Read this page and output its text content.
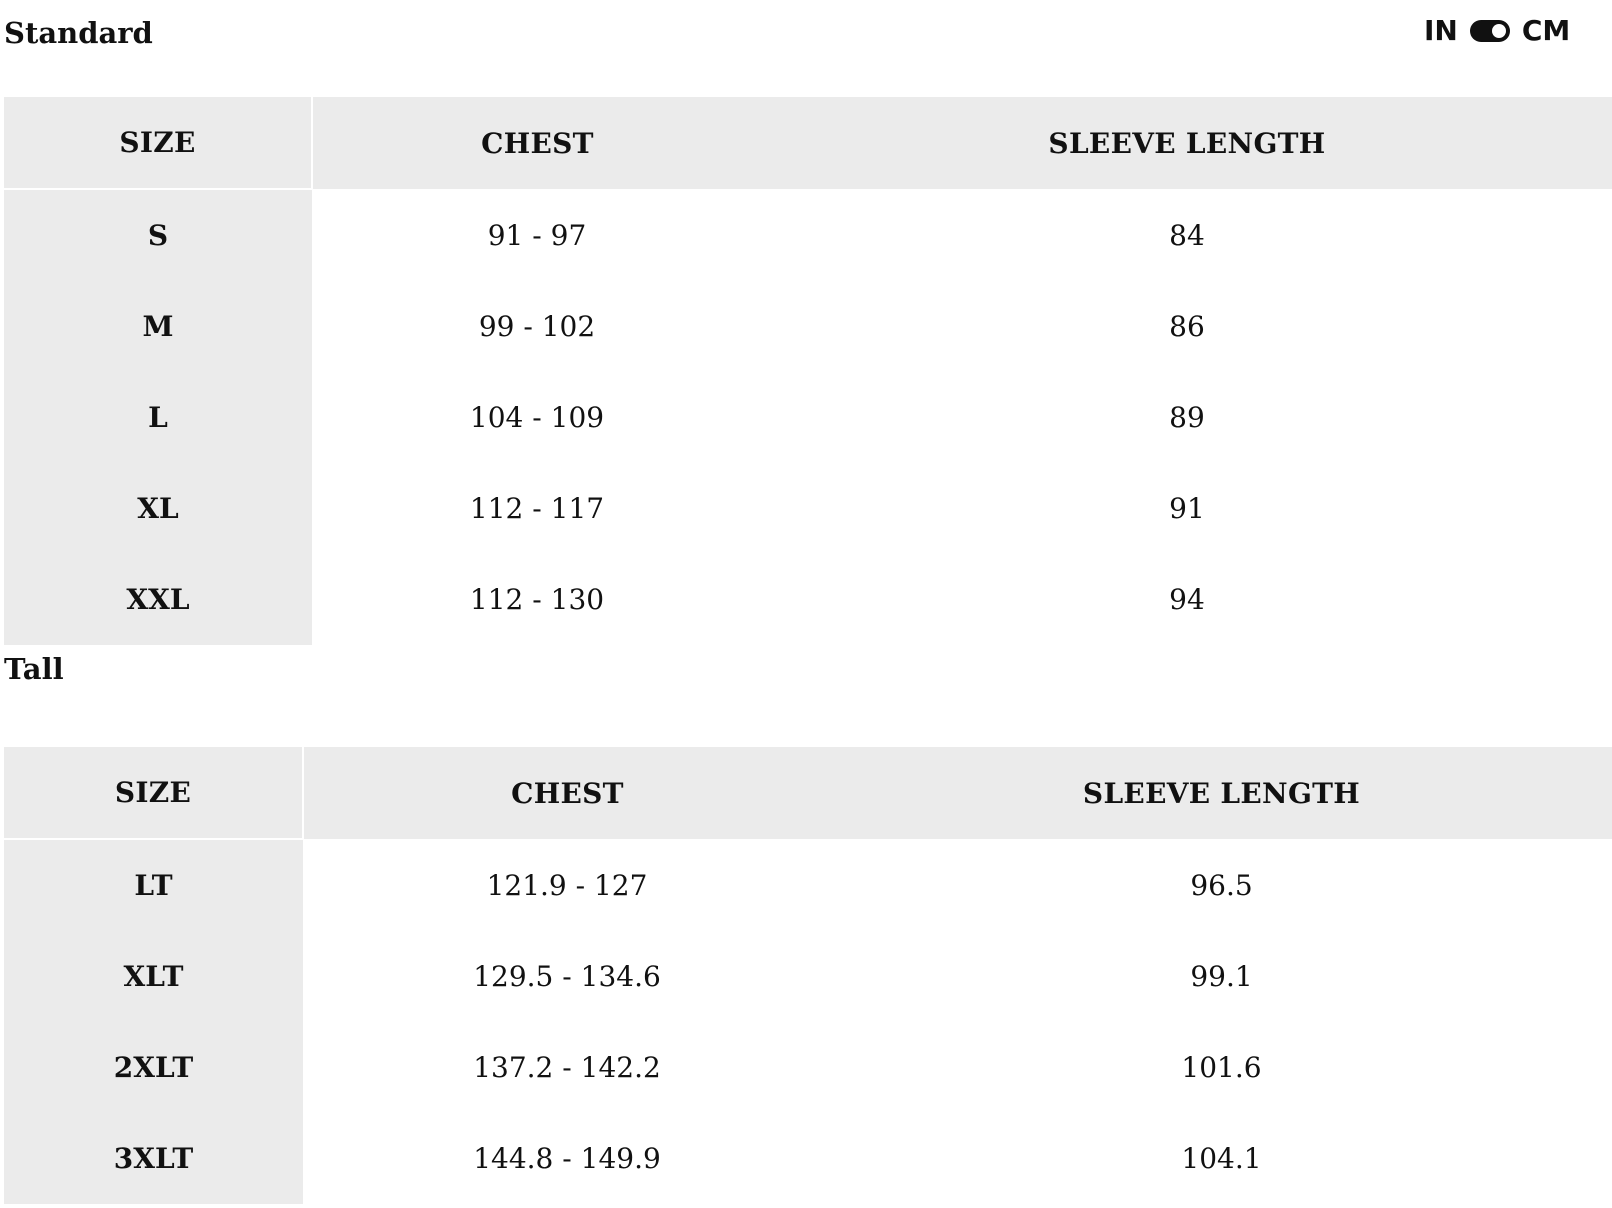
Standard	IN CM
SIZE	CHEST	SLEEVE LENGTH
S	91 - 97	84
M	99 - 102	86
L	104 - 109	89
XL	112 - 117	91
XXL	112 - 130	94
Tall
SIZE	CHEST	SLEEVE LENGTH
LT	121.9 - 127	96.5
XLT	129.5 - 134.6	99.1
2XLT	137.2 - 142.2	101.6
3XLT	144.8 - 149.9	104.1
